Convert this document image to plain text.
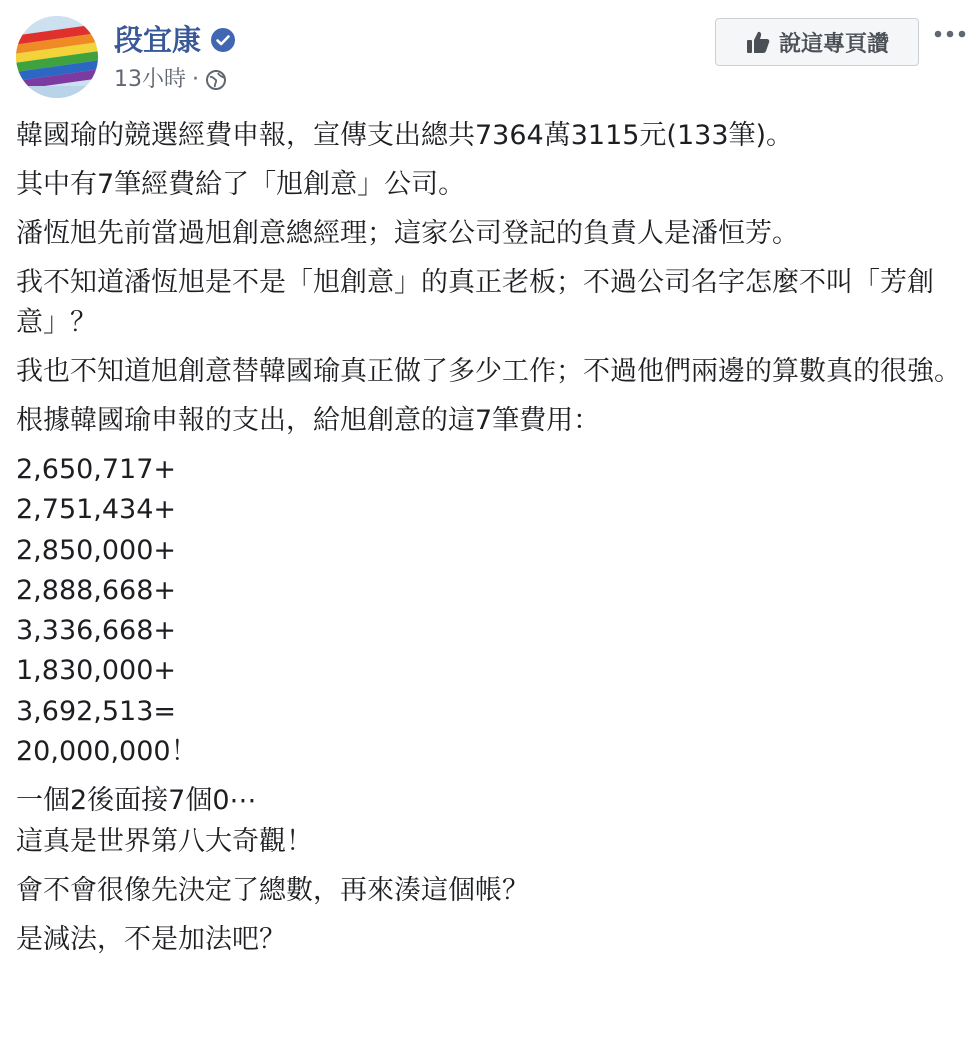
段宜康
13小時 ·
說這專頁讚

韓國瑜的競選經費申報，宣傳支出總共7364萬3115元(133筆)。

其中有7筆經費給了「旭創意」公司。

潘恆旭先前當過旭創意總經理；這家公司登記的負責人是潘恒芳。

我不知道潘恆旭是不是「旭創意」的真正老板；不過公司名字怎麼不叫「芳創意」？

我也不知道旭創意替韓國瑜真正做了多少工作；不過他們兩邊的算數真的很強。

根據韓國瑜申報的支出，給旭創意的這7筆費用：

2,650,717+
2,751,434+
2,850,000+
2,888,668+
3,336,668+
1,830,000+
3,692,513=
20,000,000！
一個2後面接7個0⋯
這真是世界第八大奇觀！

會不會很像先決定了總數，再來湊這個帳？

是減法，不是加法吧？
